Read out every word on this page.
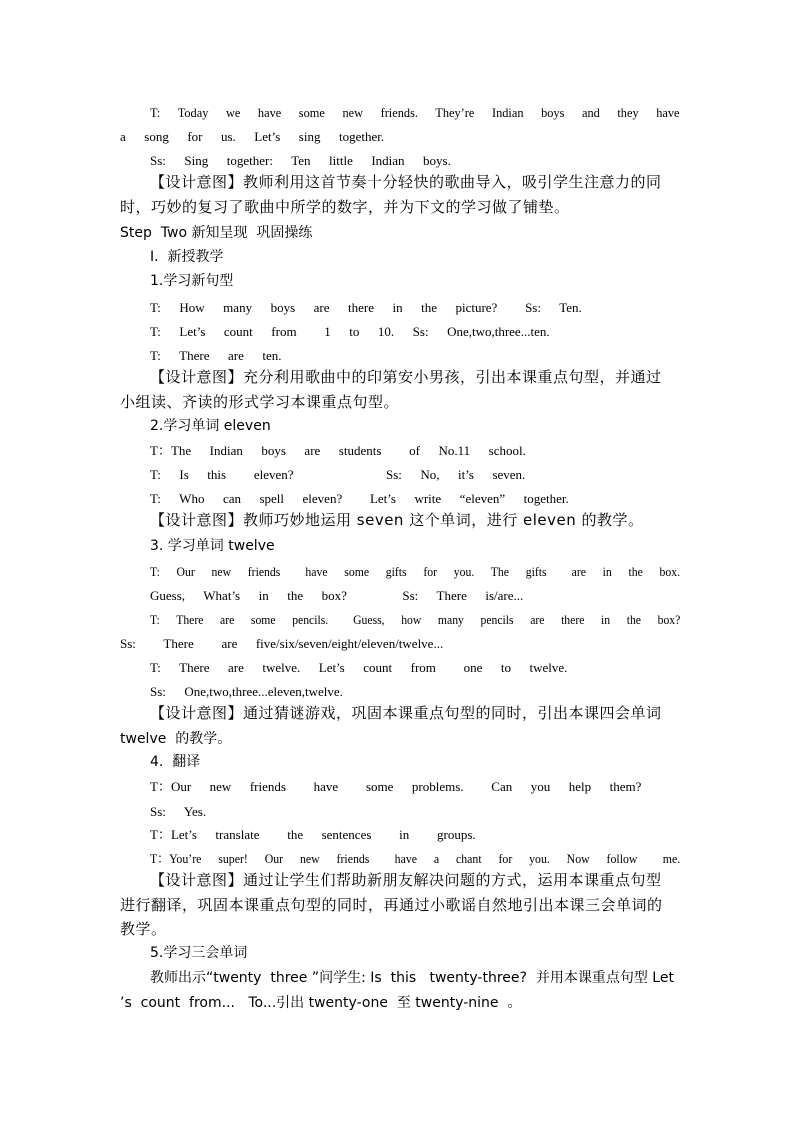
T:  Today  we  have  some  new  friends.  They’re  Indian  boys  and  they  have
a  song  for  us.  Let’s  sing  together.
Ss:  Sing  together:  Ten  little  Indian  boys.
【设计意图】教师利用这首节奏十分轻快的歌曲导入，吸引学生注意力的同
时，巧妙的复习了歌曲中所学的数字，并为下文的学习做了铺垫。
Step  Two 新知呈现  巩固操练
I.  新授教学
1.学习新句型
T:  How  many  boys  are  there  in  the  picture?   Ss:  Ten.
T:  Let’s  count  from   1  to  10.  Ss:  One,two,three...ten.
T:  There  are  ten.
【设计意图】充分利用歌曲中的印第安小男孩，引出本课重点句型，并通过
小组读、齐读的形式学习本课重点句型。
2.学习单词 eleven
T：The  Indian  boys  are  students   of  No.11  school.
T:  Is  this   eleven?          Ss:  No,  it’s  seven.
T:  Who  can  spell  eleven?   Let’s  write  “eleven”  together.
【设计意图】教师巧妙地运用 seven 这个单词，进行 eleven 的教学。
3. 学习单词 twelve
T:  Our  new  friends   have  some  gifts  for  you.  The  gifts   are  in  the  box.
Guess,  What’s  in  the  box?      Ss:  There  is/are...
T:  There  are  some  pencils.   Guess,  how  many  pencils  are  there  in  the  box?
Ss:   There   are  five/six/seven/eight/eleven/twelve...
T:  There  are  twelve.  Let’s  count  from   one  to  twelve.
Ss:  One,two,three...eleven,twelve.
【设计意图】通过猜谜游戏，巩固本课重点句型的同时，引出本课四会单词
twelve  的教学。
4.  翻译
T：Our  new  friends   have   some  problems.   Can  you  help  them?
Ss:  Yes.
T：Let’s  translate   the  sentences   in   groups.
T：You’re  super!  Our  new  friends   have  a  chant  for  you.  Now  follow   me.
【设计意图】通过让学生们帮助新朋友解决问题的方式，运用本课重点句型
进行翻译，巩固本课重点句型的同时，再通过小歌谣自然地引出本课三会单词的
教学。
5.学习三会单词
教师出示“twenty  three ”问学生: Is  this   twenty-three?  并用本课重点句型 Let
’s  count  from...   To...引出 twenty-one  至 twenty-nine  。
